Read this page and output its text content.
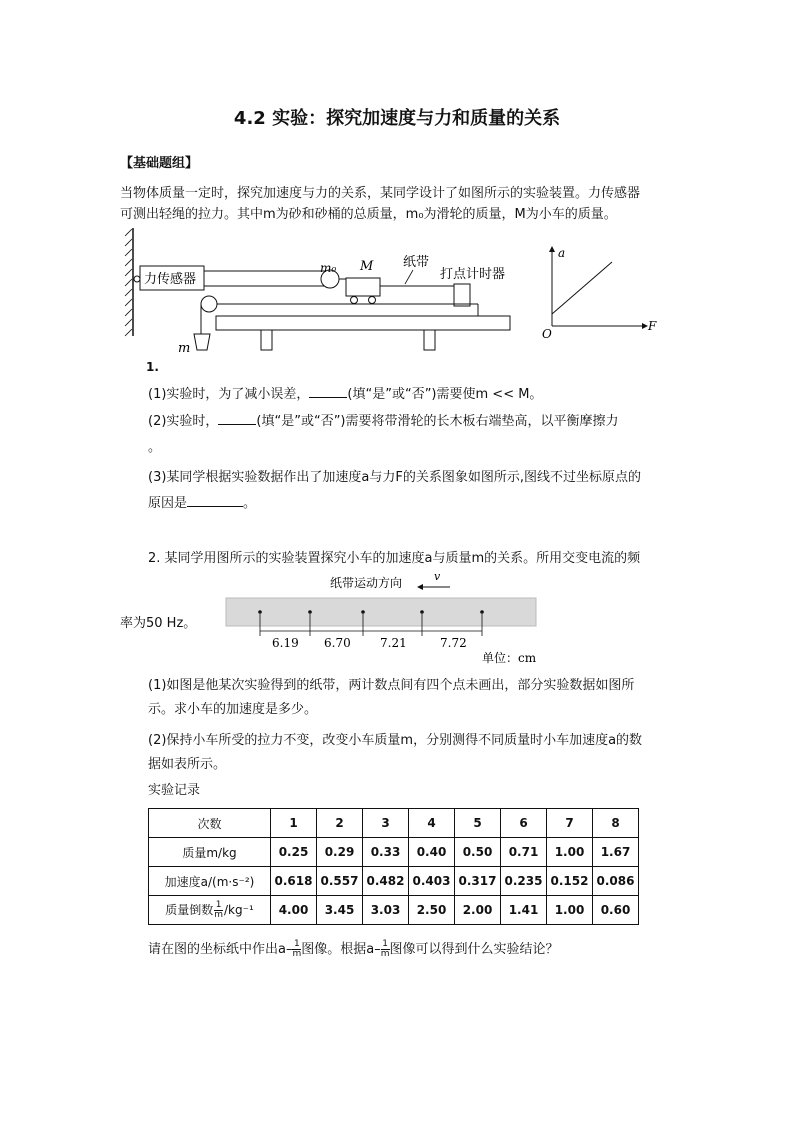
4.2 实验：探究加速度与力和质量的关系
【基础题组】
当物体质量一定时，探究加速度与力的关系，某同学设计了如图所示的实验装置。力传感器
可测出轻绳的拉力。其中m为砂和砂桶的总质量，m₀为滑轮的质量，M为小车的质量。
力传感器
m₀ M 纸带
打点计时器
m
a
F
O
1.
(1)实验时，为了减小误差，	(填“是”或“否”)需要使m << M。
(2)实验时，	(填“是”或“否”)需要将带滑轮的长木板右端垫高，以平衡摩擦力
。
(3)某同学根据实验数据作出了加速度a与力F的关系图象如图所示,图线不过坐标原点的
原因是	。
2. 某同学用图所示的实验装置探究小车的加速度a与质量m的关系。所用交变电流的频
率为50 Hz。
纸带运动方向	v
6.19 6.70 7.21	7.72
单位：cm
(1)如图是他某次实验得到的纸带，两计数点间有四个点未画出，部分实验数据如图所
示。求小车的加速度是多少。
(2)保持小车所受的拉力不变，改变小车质量m，分别测得不同质量时小车加速度a的数
据如表所示。
实验记录
次数	1	2	3	4	5	6	7	8
质量m/kg	0.25	0.29	0.33	0.40	0.50	0.71	1.00	1.67
加速度a/(m·s⁻²)	0.618	0.557	0.482	0.403	0.317	0.235	0.152	0.086
质量倒数 $\frac{1}{m} /kg^{-1}$	4.00	3.45	3.03	2.50	2.00	1.41	1.00	0.60
请在图的坐标纸中作出$a- \frac{1}{m}$ 图像。根据$a- \frac{1}{m}$ 图像可以得到什么实验结论？
